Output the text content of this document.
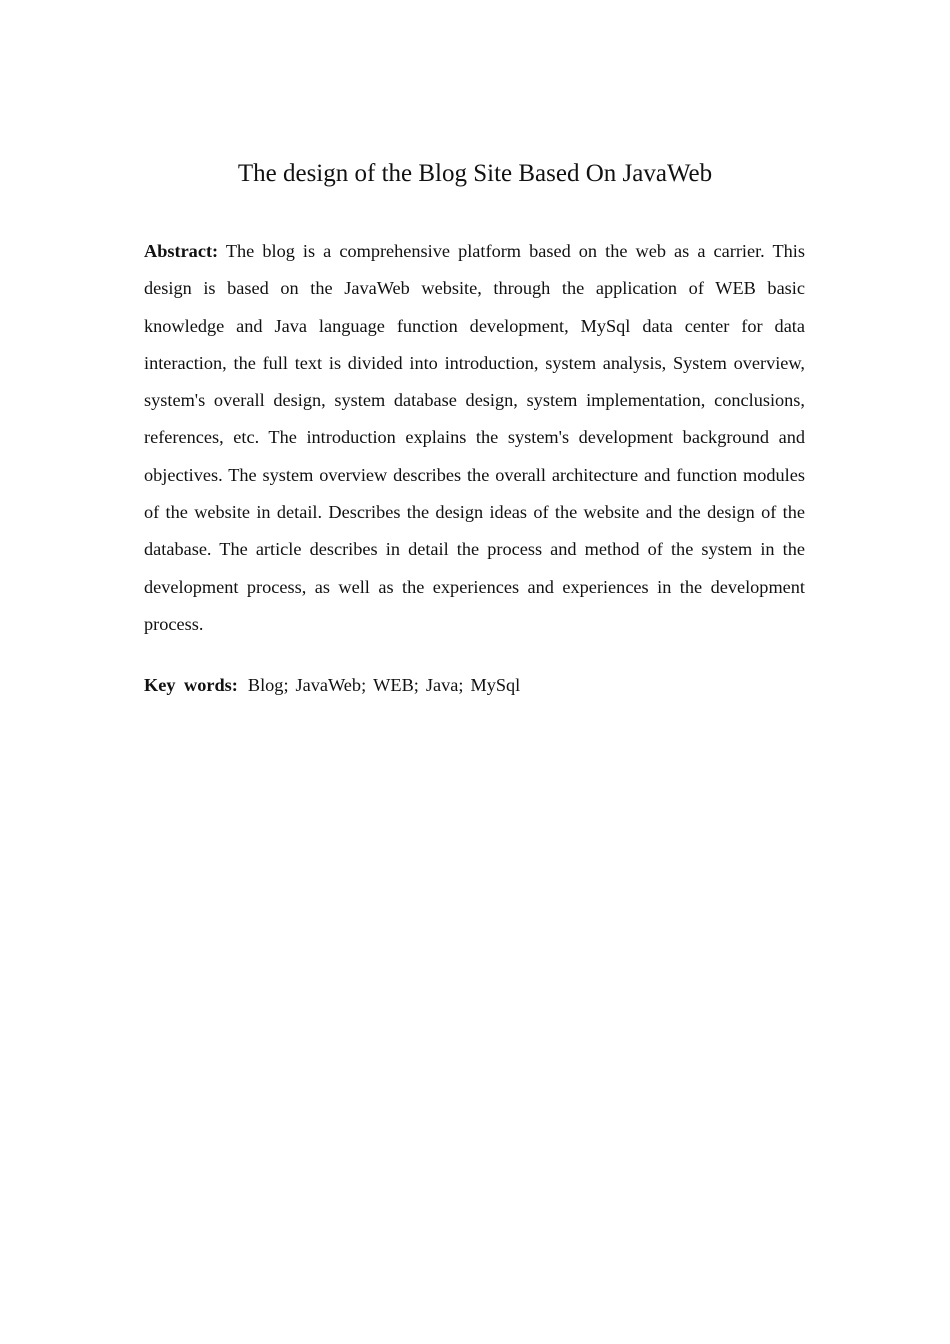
The design of the Blog Site Based On JavaWeb

Abstract: The blog is a comprehensive platform based on the web as a carrier. This design is based on the JavaWeb website, through the application of WEB basic knowledge and Java language function development, MySql data center for data interaction, the full text is divided into introduction, system analysis, System overview, system's overall design, system database design, system implementation, conclusions, references, etc. The introduction explains the system's development background and objectives. The system overview describes the overall architecture and function modules of the website in detail. Describes the design ideas of the website and the design of the database. The article describes in detail the process and method of the system in the development process, as well as the experiences and experiences in the development process.

Key words: Blog; JavaWeb; WEB; Java; MySql
